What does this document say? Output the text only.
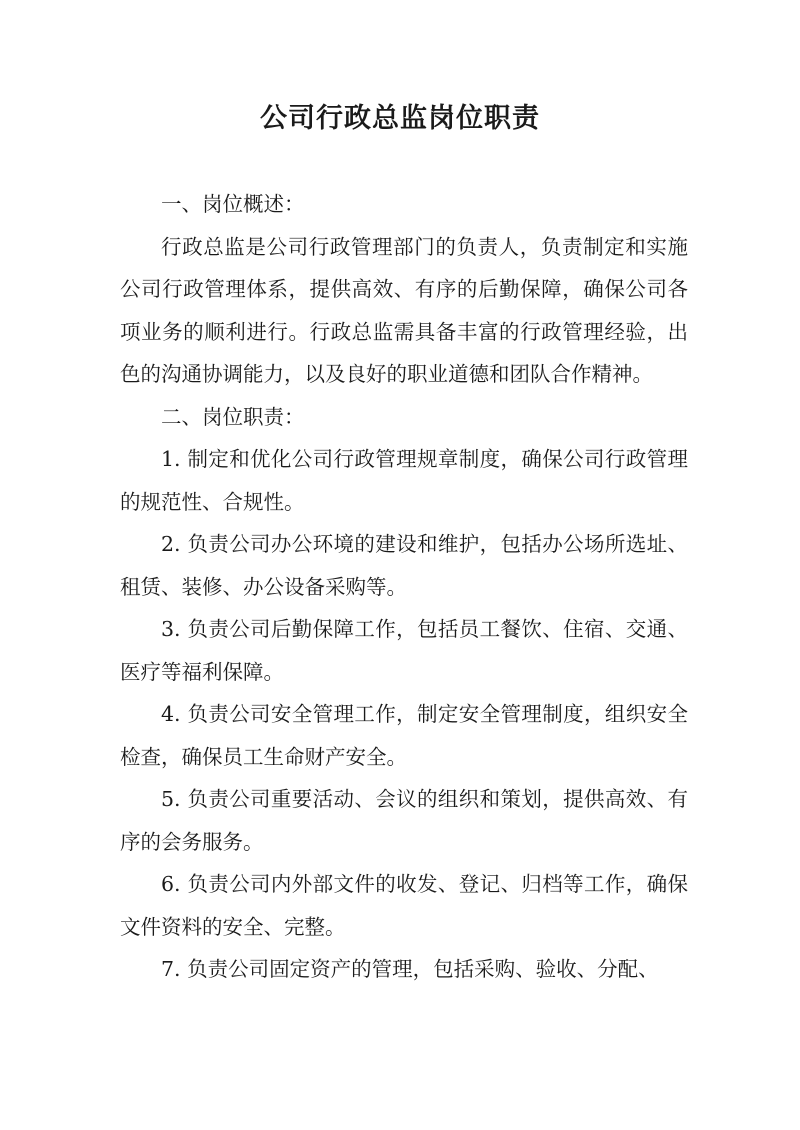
公司行政总监岗位职责

一、岗位概述：

行政总监是公司行政管理部门的负责人，负责制定和实施公司行政管理体系，提供高效、有序的后勤保障，确保公司各项业务的顺利进行。行政总监需具备丰富的行政管理经验，出色的沟通协调能力，以及良好的职业道德和团队合作精神。

二、岗位职责：

1. 制定和优化公司行政管理规章制度，确保公司行政管理的规范性、合规性。

2. 负责公司办公环境的建设和维护，包括办公场所选址、租赁、装修、办公设备采购等。

3. 负责公司后勤保障工作，包括员工餐饮、住宿、交通、医疗等福利保障。

4. 负责公司安全管理工作，制定安全管理制度，组织安全检查，确保员工生命财产安全。

5. 负责公司重要活动、会议的组织和策划，提供高效、有序的会务服务。

6. 负责公司内外部文件的收发、登记、归档等工作，确保文件资料的安全、完整。

7. 负责公司固定资产的管理，包括采购、验收、分配、
